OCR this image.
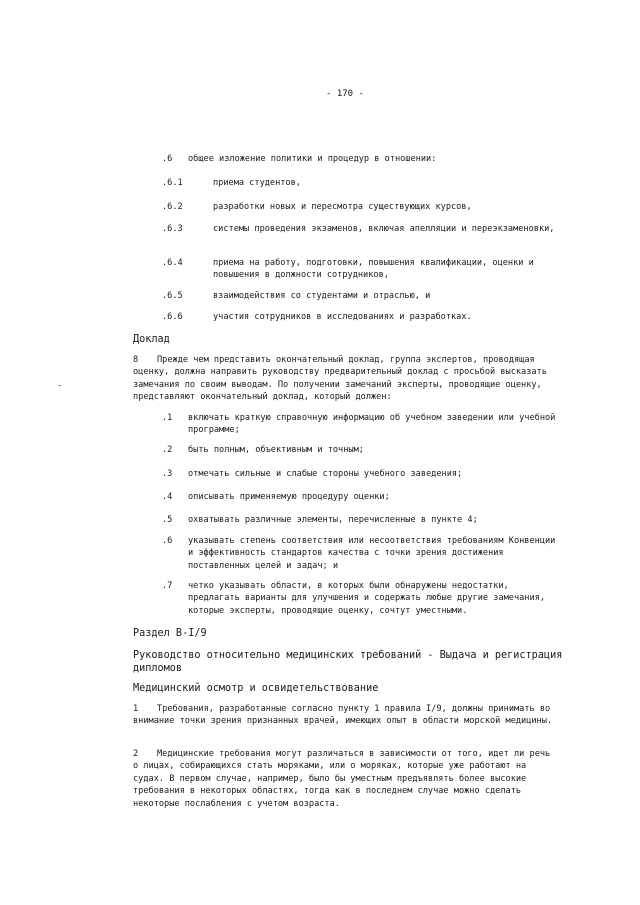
- 170 -
.6 общее изложение политики и процедур в отношении:
.6.1	приема студентов,
.6.2	разработки новых и пересмотра существующих курсов,
.6.3	системы проведения экзаменов, включая апелляции и переэкзаменовки,
.6.4	приема на работу, подготовки, повышения квалификации, оценки и повышения в должности сотрудников,
.6.5	взаимодействия со студентами и отраслью, и
.6.6	участия сотрудников в исследованиях и разработках.
Доклад
8	Прежде чем представить окончательный доклад, группа экспертов, проводящая оценку, должна направить руководству предварительный доклад с просьбой высказать замечания по своим выводам. По получении замечаний эксперты, проводящие оценку, представляют окончательный доклад, который должен:
.1 включать краткую справочную информацию об учебном заведении или учебной программе;
.2 быть полным, объективным и точным;
.3 отмечать сильные и слабые стороны учебного заведения;
.4 описывать применяемую процедуру оценки;
.5 охватывать различные элементы, перечисленные в пункте 4;
.6 указывать степень соответствия или несоответствия требованиям Конвенции и эффективность стандартов качества с точки зрения достижения поставленных целей и задач; и
.7 четко указывать области, в которых были обнаружены недостатки, предлагать варианты для улучшения и содержать любые другие замечания, которые эксперты, проводящие оценку, сочтут уместными.
Раздел B-I/9
Руководство относительно медицинских требований - Выдача и регистрация дипломов
Медицинский осмотр и освидетельствование
1	Требования, разработанные согласно пункту 1 правила I/9, должны принимать во внимание точки зрения признанных врачей, имеющих опыт в области морской медицины.
2	Медицинские требования могут различаться в зависимости от того, идет ли речь о лицах, собирающихся стать моряками, или о моряках, которые уже работают на судах. В первом случае, например, было бы уместным предъявлять более высокие требования в некоторых областях, тогда как в последнем случае можно сделать некоторые послабления с учетом возраста.
